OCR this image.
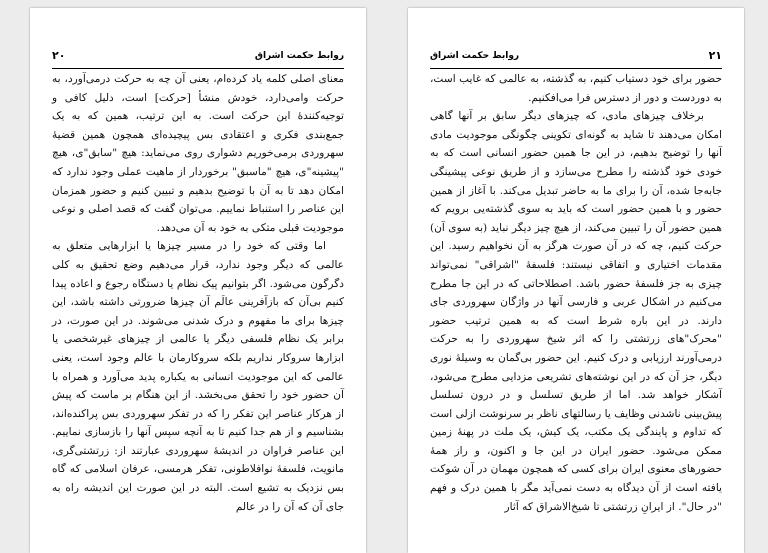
روابط حکمت اشراق
۲۰

معنای اصلی کلمه یاد کرده‌ام، یعنی آن چه به حرکت درمی‌آورد، به حرکت وامی‌دارد، خودش منشأ [حرکت] است، دلیل کافی و توجیه‌کنندهٔ این حرکت است. به این ترتیب، همین که به یک جمع‌بندی فکری و اعتقادی بس پیچیده‌ای همچون همین قضیهٔ سهروردی برمی‌خوریم دشواری روی می‌نماید: هیچ "سابق"ی، هیچ "پیشینه"ی، هیچ "ماسبق" برخوردار از ماهیت عملی وجود ندارد که امکان دهد تا به آن با توضیح بدهیم و تبیین کنیم و حضور همزمان این عناصر را استنباط نماییم. می‌توان گفت که قصد اصلی و نوعی موجودیت قبلی متکی به خود به آن می‌دهد.

اما وقتی که خود را در مسیر چیزها یا ابزارهایی متعلق به عالمی که دیگر وجود ندارد، قرار می‌دهیم وضع تحقیق به کلی دگرگون می‌شود. اگر بتوانیم پیک نظام یا دستگاه رجوع و اعاده پیدا کنیم بی‌آن که بازآفرینی عالَم آن چیزها ضرورتی داشته باشد، این چیزها برای ما مفهوم و درک شدنی می‌شوند. در این صورت، در برابر یک نظام فلسفی دیگر یا عالمی از چیزهای غیرشخصی یا ابزارها سروکار نداریم بلکه سروکارمان با عالم وجود است، یعنی عالمی که این موجودیت انسانی به یکباره پدید می‌آورد و همراه با آن حضور خود را تحقق می‌بخشد. از این هنگام بر ماست که پیش از هرکار عناصر این تفکر را که در تفکر سهروردی بس پراکنده‌اند، بشناسیم و از هم جدا کنیم تا به آنچه سپس آنها را بازسازی نماییم. این عناصر فراوان در اندیشهٔ سهروردی عبارتند از: زرتشتی‌گری، مانویت، فلسفهٔ نوافلاطونی، تفکر هرمسی، عرفان اسلامی که گاه بس نزدیک به تشیع است. البته در این صورت این اندیشه راه به جای آن که آن را در عالم

روابط حکمت اشراق	۲۱

حضور برای خود دستیاب کنیم، به گذشته، به عالمی که غایب است، به دوردست و دور از دسترس فرا می‌افکنیم.

برخلاف چیزهای مادی، که چیزهای دیگر سابق بر آنها گاهی امکان می‌دهند تا شاید به گونه‌ای تکوینی چگونگی موجودیت مادی آنها را توضیح بدهیم، در این جا همین حضور انسانی است که به خودی خود گذشته را مطرح می‌سازد و از طریق نوعی پیشینگی جابه‌جا شده، آن را برای ما به حاضر تبدیل می‌کند. با آغاز از همین حضور و با همین حضور است که باید به سوی گذشته‌یی برویم که همین حضور آن را تبیین می‌کند، از هیچ چیز دیگر نباید (به سوی آن) حرکت کنیم، چه که در آن صورت هرگز به آن نخواهیم رسید. این مقدمات اختیاری و اتفاقی نیستند: فلسفهٔ "اشراقی" نمی‌تواند چیزی به جز فلسفهٔ حضور باشد. اصطلاحاتی که در این جا مطرح می‌کنیم در اشکال عربی و فارسی آنها در واژگان سهروردی جای دارند. در این باره شرط است که به همین ترتیب حضور "محرک"های زرتشتی را که اثر شیخ سهروردی را به حرکت درمی‌آورند ارزیابی و درک کنیم. این حضور بی‌گمان به وسیلهٔ نوری دیگر، جز آن که در این نوشته‌های تشریعی مزدایی مطرح می‌شود، آشکار خواهد شد. اما از طریق تسلسل و در درون تسلسل پیش‌بینی ناشدنی وظایف یا رسالتهای ناظر بر سرنوشت ازلی است که تداوم و پایندگی یک مکتب، یک کیش، یک ملت در پهنهٔ زمین ممکن می‌شود. حضور ایران در این جا و اکنون، و راز همهٔ حضورهای معنوی ایران برای کسی که همچون مهمان در آن شوکت یافته است از آن دیدگاه به دست نمی‌آید مگر با همین درک و فهم "در حال". از ایرانِ زرتشتی تا شیخ‌الاشراق که آثار
